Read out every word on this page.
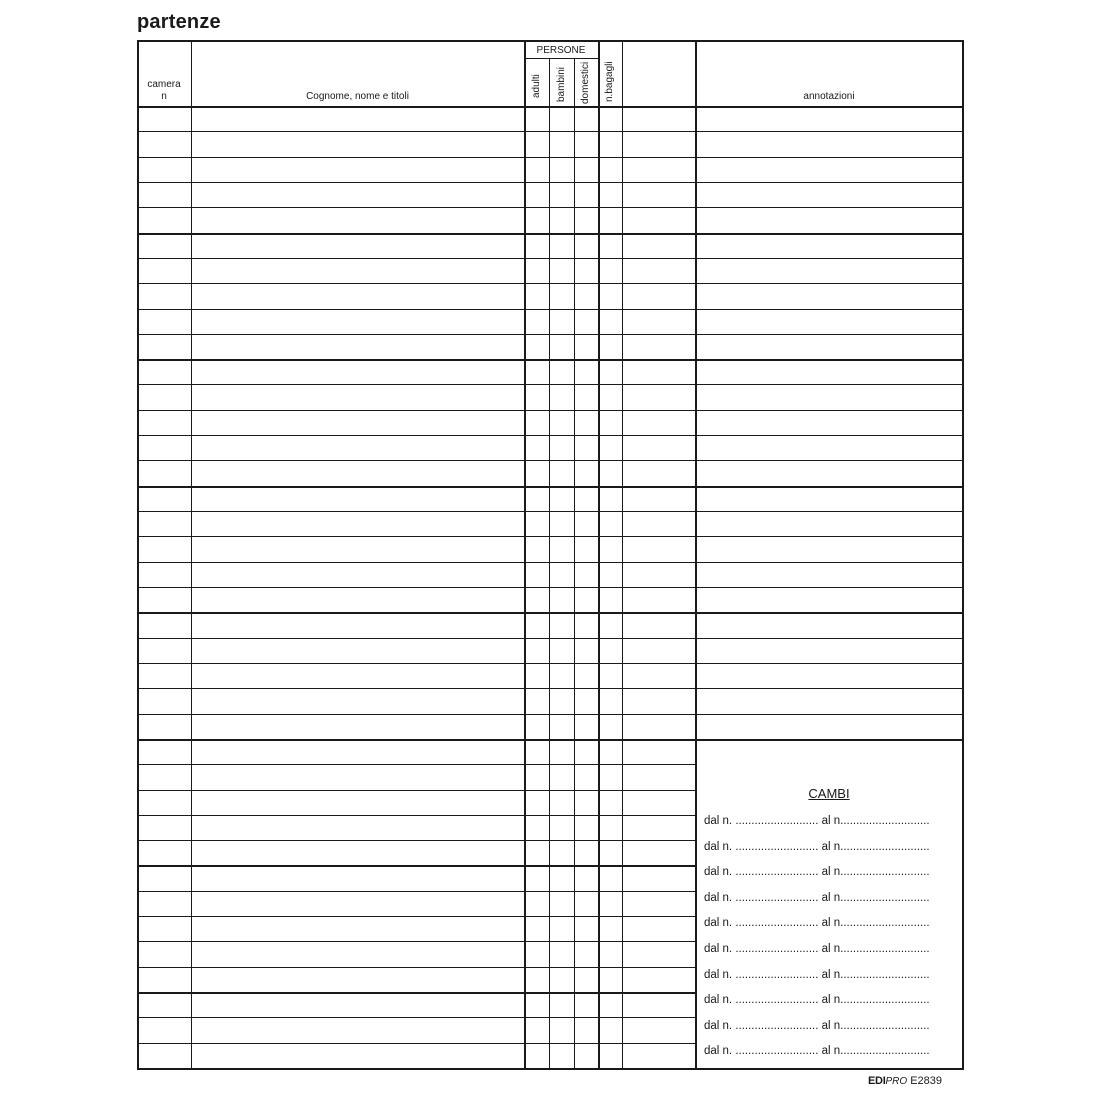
partenze
camera
n	Cognome, nome e titoli
PERSONE
adulti bambini domestici n.bagagli	annotazioni
CAMBI
dal n. .......................... al n............................
dal n. .......................... al n............................
dal n. .......................... al n............................
dal n. .......................... al n............................
dal n. .......................... al n............................
dal n. .......................... al n............................
dal n. .......................... al n............................
dal n. .......................... al n............................
dal n. .......................... al n............................
dal n. .......................... al n............................
EDIPRO E2839
